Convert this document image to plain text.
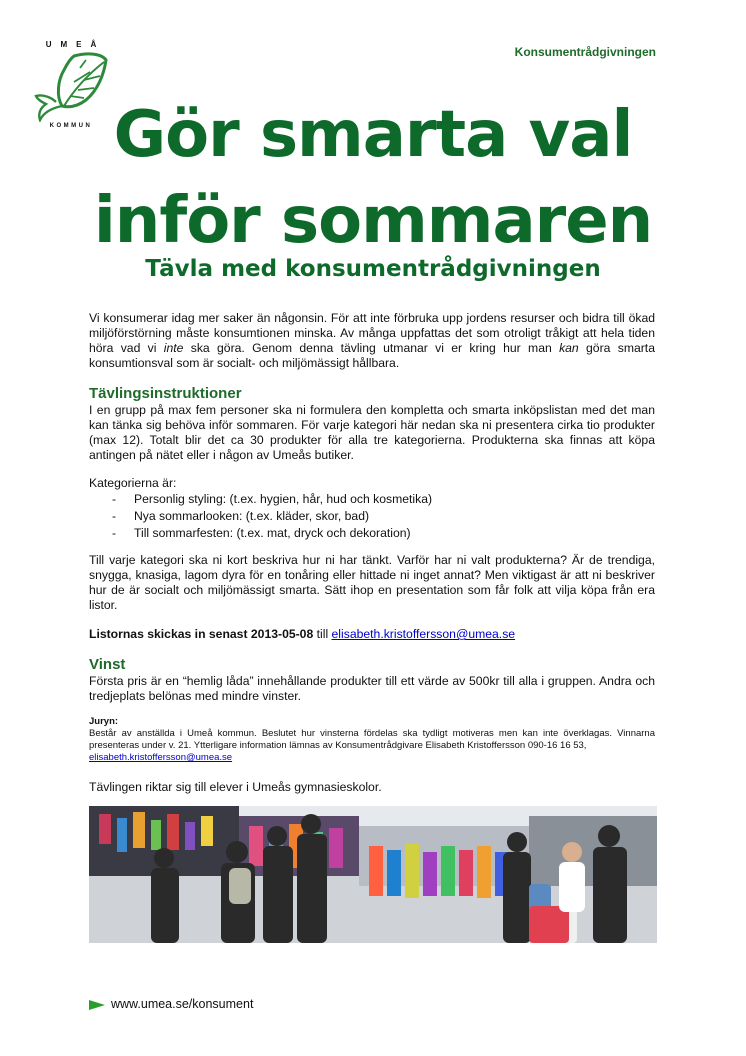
UMEÅ
KOMMUN
Konsumentrådgivningen
Gör smarta val
inför sommaren
Tävla med konsumentrådgivningen
Vi konsumerar idag mer saker än någonsin. För att inte förbruka upp jordens resurser och bidra till ökad miljöförstörning måste konsumtionen minska. Av många uppfattas det som otroligt tråkigt att hela tiden höra vad vi inte ska göra. Genom denna tävling utmanar vi er kring hur man kan göra smarta konsumtionsval som är socialt- och miljömässigt hållbara.
Tävlingsinstruktioner
I en grupp på max fem personer ska ni formulera den kompletta och smarta inköpslistan med det man kan tänka sig behöva inför sommaren. För varje kategori här nedan ska ni presentera cirka tio produkter (max 12). Totalt blir det ca 30 produkter för alla tre kategorierna. Produkterna ska finnas att köpa antingen på nätet eller i någon av Umeås butiker.
Kategorierna är:
- Personlig styling: (t.ex. hygien, hår, hud och kosmetika)
- Nya sommarlooken: (t.ex. kläder, skor, bad)
- Till sommarfesten: (t.ex. mat, dryck och dekoration)
Till varje kategori ska ni kort beskriva hur ni har tänkt. Varför har ni valt produkterna? Är de trendiga, snygga, knasiga, lagom dyra för en tonåring eller hittade ni inget annat? Men viktigast är att ni beskriver hur de är socialt och miljömässigt smarta. Sätt ihop en presentation som får folk att vilja köpa från era listor.
Listornas skickas in senast 2013-05-08 till elisabeth.kristoffersson@umea.se
Vinst
Första pris är en “hemlig låda” innehållande produkter till ett värde av 500kr till alla i gruppen. Andra och tredjeplats belönas med mindre vinster.
Juryn:
Består av anställda i Umeå kommun. Beslutet hur vinsterna fördelas ska tydligt motiveras men kan inte överklagas. Vinnarna presenteras under v. 21. Ytterligare information lämnas av Konsumentrådgivare Elisabeth Kristoffersson 090-16 16 53,
elisabeth.kristoffersson@umea.se
Tävlingen riktar sig till elever i Umeås gymnasieskolor.
www.umea.se/konsument
